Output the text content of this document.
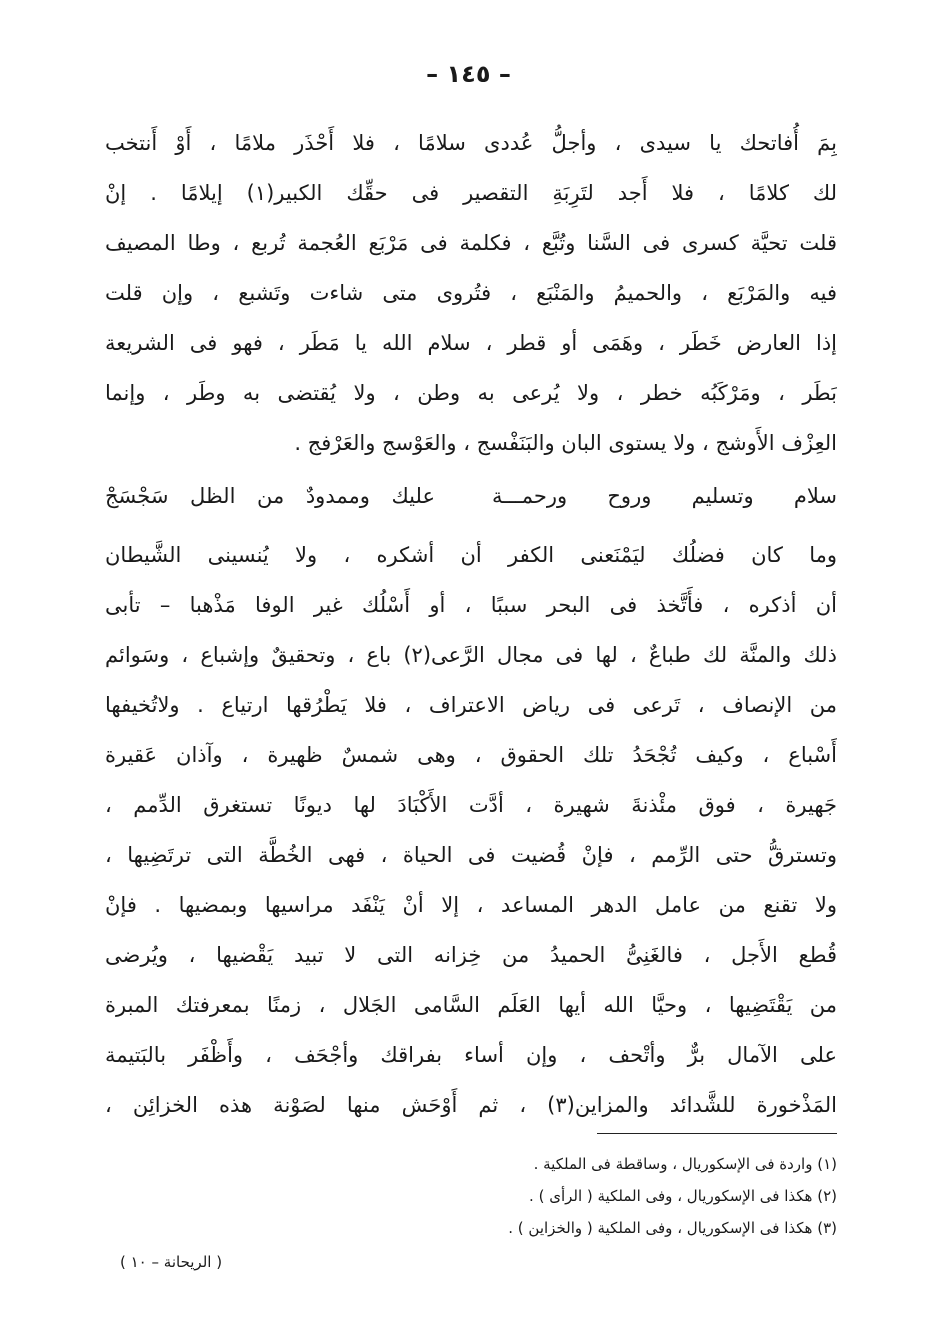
– ١٤٥ –
بِمَ أُفاتحك يا سيدى ، وأجلُّ عُددى سلامًا ، فلا أَحْذَر ملامًا ، أَوْ أَنتخب
لك كلامًا ، فلا أَجد لتَرِبَةِ التقصير فى حقِّك الكبير(١) إيلامًا . إنْ
قلت تحيَّة كسرى فى السَّنا وتُبَّع ، فكلمة فى مَرْبَع العُجمة تُربع ، وطا المصيف
فيه والمَرْبَع ، والحميمُ والمَنْبَع ، فتُروى متى شاءت وتَشبع ، وإن قلت
إذا العارض خَطَر ، وهَمَى أو قطر ، سلام الله يا مَطَر ، فهو فى الشريعة
بَطَر ، ومَرْكَبُه خطر ، ولا يُرعى به وطن ، ولا يُقتضى به وطَر ، وإنما
العِزْف الأَوشج ، ولا يستوى البان والبَنَفْسج ، والعَوْسج والعَرْفج .
سلام وتسليم وروح ورحمـــة
عليك وممدودٌ من الظل سَجْسَجْ
وما كان فضلُك ليَمْنَعنى الكفر أن أشكره ، ولا يُنسينى الشَّيطان
أن أذكره ، فأَتَّخذ فى البحر سببًا ، أو أَسْلُك غير الوفا مَذْهبا – تأبى
ذلك والمنَّة لك طباعٌ ، لها فى مجال الرَّعى(٢) باع ، وتحقيقٌ وإشباع ، وسَوائم
من الإنصاف ، تَرعى فى رياض الاعتراف ، فلا يَطْرُقها ارتياع . ولاتُخيفها
أَسْباع ، وكيف تُجْحَدُ تلك الحقوق ، وهى شمسٌ ظهيرة ، وآذان عَقيرة
جَهيرة ، فوق مئْذنةَ شهيرة ، أدَّت الأَكْبَادَ لها ديونًا تستغرق الدِّمم ،
وتسترقُّ حتى الرِّمم ، فإنْ قُضيت فى الحياة ، فهى الخُطَّة التى ترتَضِيها ،
ولا تقنع من عامل الدهر المساعد ، إلا أنْ يَنْفَد مراسيها وبمضيها . فإنْ
قُطع الأَجل ، فالغَنِىُّ الحميدُ من خِزانه التى لا تبيد يَقْضيها ، ويُرضى
من يَقْتَضِيها ، وحيَّا الله أيها العَلَم السَّامى الجَلال ، زمنًا بمعرفتك المبرة
على الآمال برٌّ وأتْحف ، وإن أساء بفراقك وأجْحَف ، وأَظْفَر بالبَتيمة
المَذْخورة للشَّدائد والمزاين(٣) ، ثم أَوْحَش منها لصَوْنة هذه الخزائِن ،
(١) واردة فى الإسكوريال ، وساقطة فى الملكية .
(٢) هكذا فى الإسكوريال ، وفى الملكية ( الرأى ) .
(٣) هكذا فى الإسكوريال ، وفى الملكية ( والخزاين ) .
( الريحانة – ١٠ )
